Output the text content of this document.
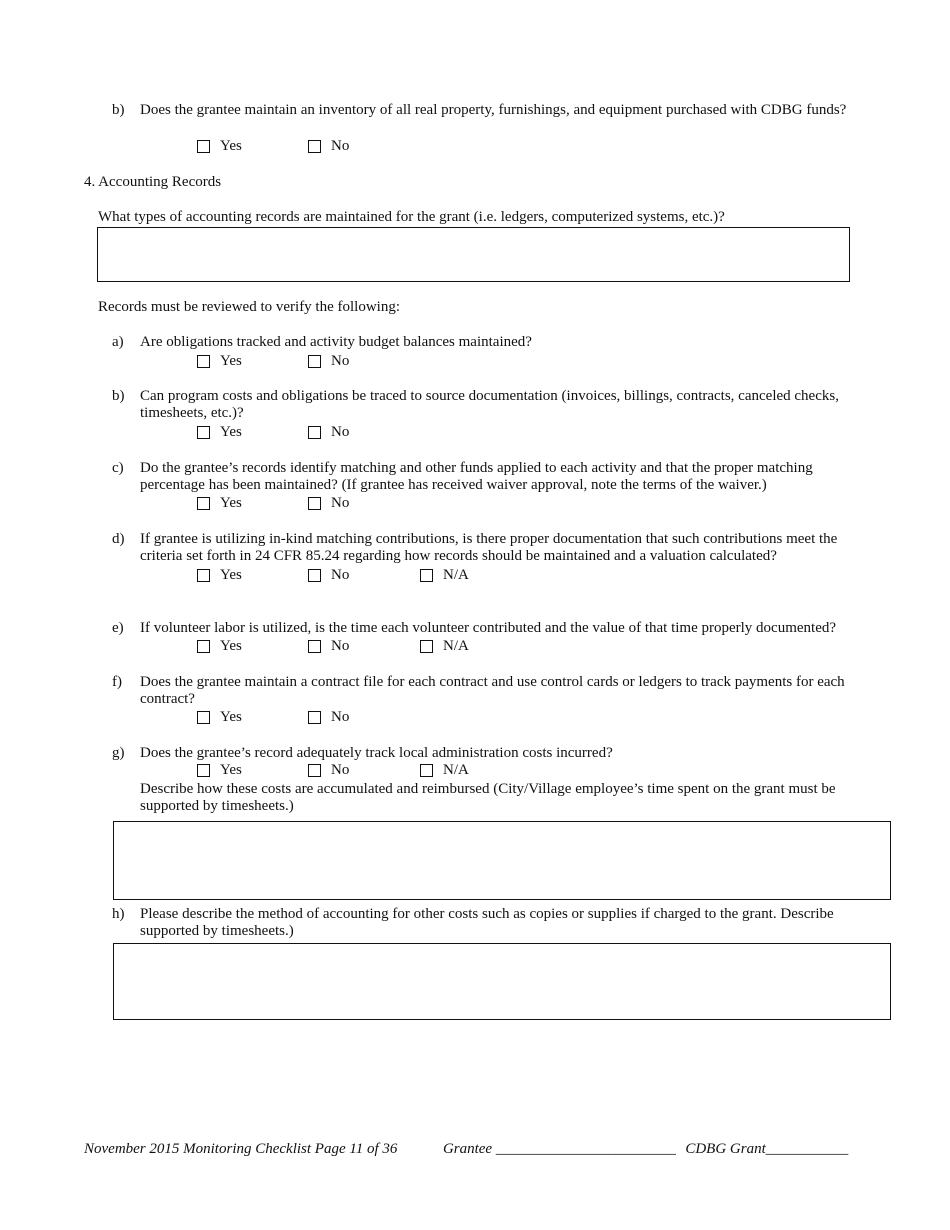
b) Does the grantee maintain an inventory of all real property, furnishings, and equipment purchased with CDBG funds?
Yes	No
4. Accounting Records
What types of accounting records are maintained for the grant (i.e. ledgers, computerized systems, etc.)?
Records must be reviewed to verify the following:
a) Are obligations tracked and activity budget balances maintained?
Yes	No
b) Can program costs and obligations be traced to source documentation (invoices, billings, contracts, canceled checks, timesheets, etc.)?
Yes	No
c) Do the grantee’s records identify matching and other funds applied to each activity and that the proper matching percentage has been maintained? (If grantee has received waiver approval, note the terms of the waiver.)
Yes	No
d) If grantee is utilizing in-kind matching contributions, is there proper documentation that such contributions meet the criteria set forth in 24 CFR 85.24 regarding how records should be maintained and a valuation calculated?
Yes	No	N/A
e) If volunteer labor is utilized, is the time each volunteer contributed and the value of that time properly documented?
Yes	No	N/A
f) Does the grantee maintain a contract file for each contract and use control cards or ledgers to track payments for each contract?
Yes	No
g) Does the grantee’s record adequately track local administration costs incurred?
Yes	No	N/A
Describe how these costs are accumulated and reimbursed (City/Village employee’s time spent on the grant must be supported by timesheets.)
h) Please describe the method of accounting for other costs such as copies or supplies if charged to the grant. Describe supported by timesheets.)
November 2015 Monitoring Checklist Page 11 of 36	Grantee ________________________ CDBG Grant___________
